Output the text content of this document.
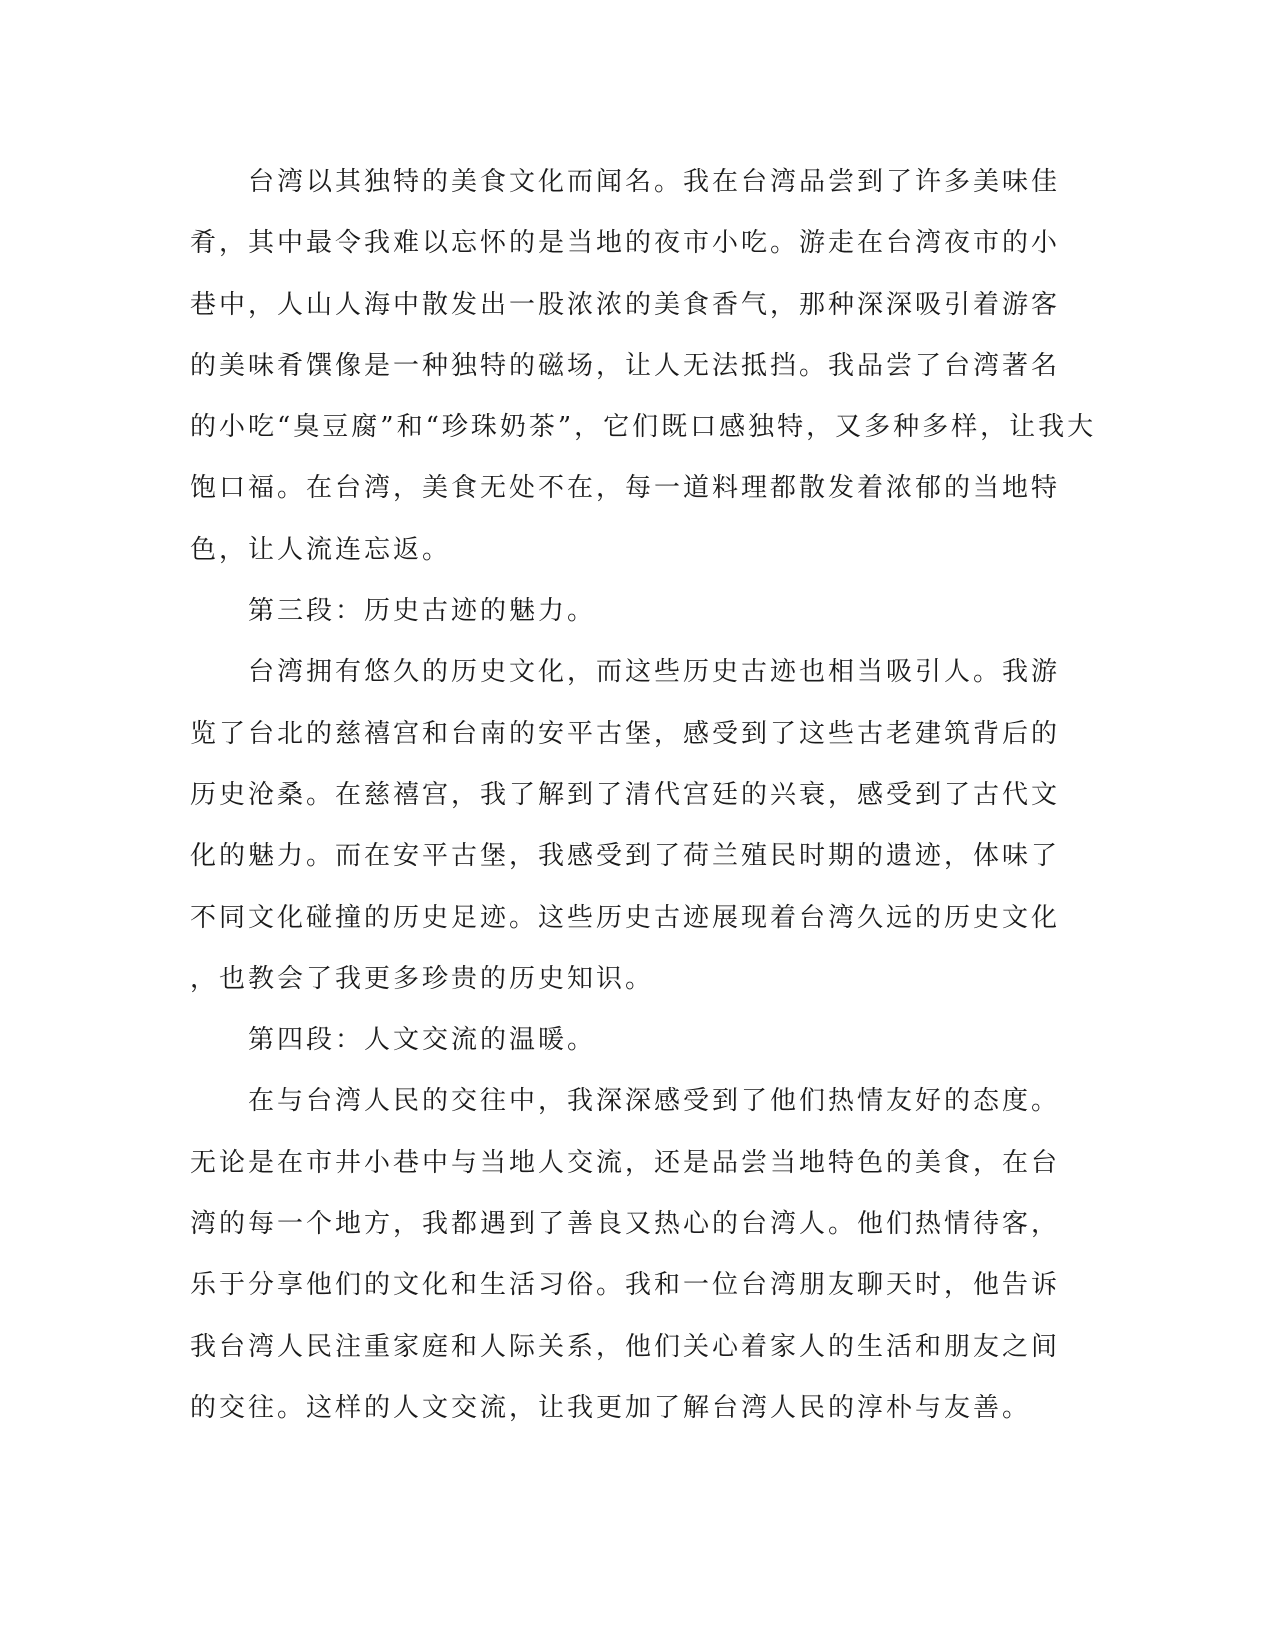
　　台湾以其独特的美食文化而闻名。我在台湾品尝到了许多美味佳
肴，其中最令我难以忘怀的是当地的夜市小吃。游走在台湾夜市的小
巷中，人山人海中散发出一股浓浓的美食香气，那种深深吸引着游客
的美味肴馔像是一种独特的磁场，让人无法抵挡。我品尝了台湾著名
的小吃“臭豆腐”和“珍珠奶茶”，它们既口感独特，又多种多样，让我大
饱口福。在台湾，美食无处不在，每一道料理都散发着浓郁的当地特
色，让人流连忘返。
　　第三段：历史古迹的魅力。
　　台湾拥有悠久的历史文化，而这些历史古迹也相当吸引人。我游
览了台北的慈禧宫和台南的安平古堡，感受到了这些古老建筑背后的
历史沧桑。在慈禧宫，我了解到了清代宫廷的兴衰，感受到了古代文
化的魅力。而在安平古堡，我感受到了荷兰殖民时期的遗迹，体味了
不同文化碰撞的历史足迹。这些历史古迹展现着台湾久远的历史文化
，也教会了我更多珍贵的历史知识。
　　第四段：人文交流的温暖。
　　在与台湾人民的交往中，我深深感受到了他们热情友好的态度。
无论是在市井小巷中与当地人交流，还是品尝当地特色的美食，在台
湾的每一个地方，我都遇到了善良又热心的台湾人。他们热情待客，
乐于分享他们的文化和生活习俗。我和一位台湾朋友聊天时，他告诉
我台湾人民注重家庭和人际关系，他们关心着家人的生活和朋友之间
的交往。这样的人文交流，让我更加了解台湾人民的淳朴与友善。
